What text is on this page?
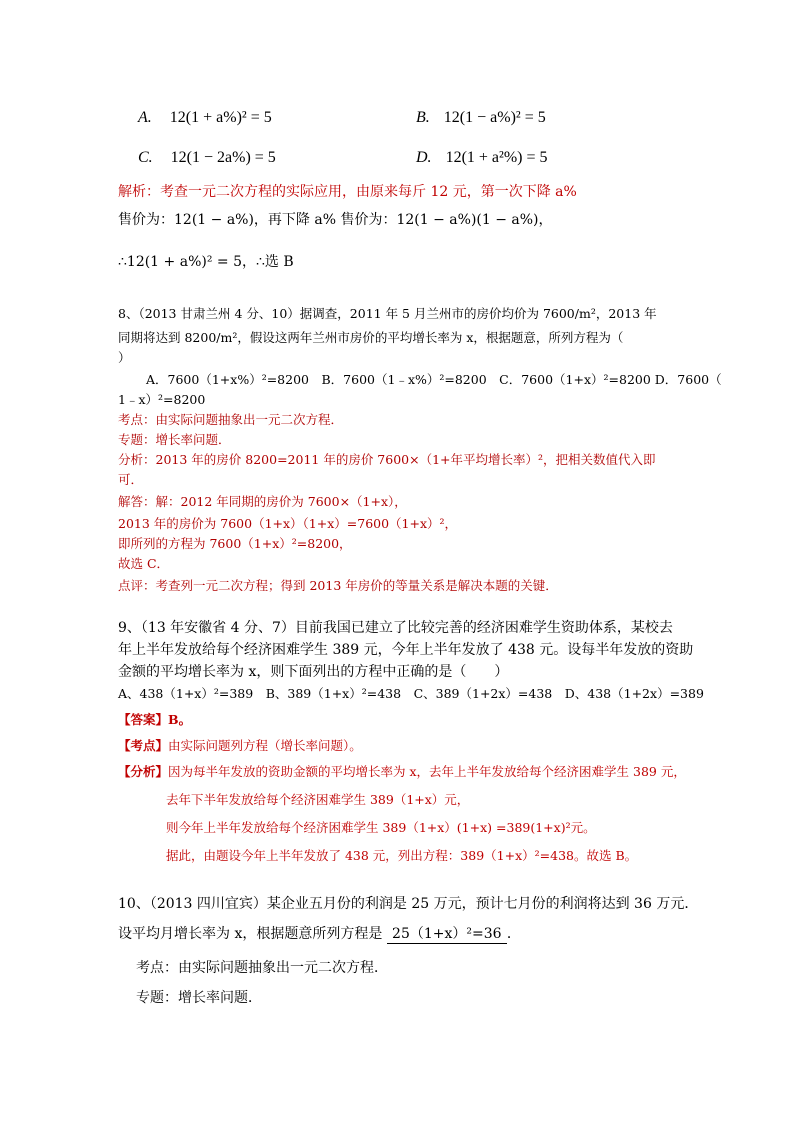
A. 12(1 + a%)² = 5	B. 12(1 − a%)² = 5
C. 12(1 − 2a%) = 5	D. 12(1 + a²%) = 5
解析：考查一元二次方程的实际应用，由原来每斤 12 元，第一次下降 a%
售价为：12(1 − a%)，再下降 a% 售价为：12(1 − a%)(1 − a%)，
∴12(1 + a%)² = 5，∴选 B
8、（2013 甘肃兰州 4 分、10）据调查，2011 年 5 月兰州市的房价均价为 7600/m²，2013 年
同期将达到 8200/m²，假设这两年兰州市房价的平均增长率为 x，根据题意，所列方程为（
）
A．7600（1+x%）²=8200　B．7600（1﹣x%）²=8200　C．7600（1+x）²=8200 D．7600（
1﹣x）²=8200
考点：由实际问题抽象出一元二次方程．
专题：增长率问题．
分析：2013 年的房价 8200=2011 年的房价 7600×（1+年平均增长率）²，把相关数值代入即
可．
解答：解：2012 年同期的房价为 7600×（1+x），
2013 年的房价为 7600（1+x）（1+x）=7600（1+x）²，
即所列的方程为 7600（1+x）²=8200，
故选 C．
点评：考查列一元二次方程；得到 2013 年房价的等量关系是解决本题的关键．
9、（13 年安徽省 4 分、7）目前我国已建立了比较完善的经济困难学生资助体系，某校去
年上半年发放给每个经济困难学生 389 元，今年上半年发放了 438 元。设每半年发放的资助
金额的平均增长率为 x，则下面列出的方程中正确的是（　　）
A、438（1+x）²=389　B、389（1+x）²=438　C、389（1+2x）=438　D、438（1+2x）=389
【答案】B。
【考点】由实际问题列方程（增长率问题）。
【分析】因为每半年发放的资助金额的平均增长率为 x，去年上半年发放给每个经济困难学生 389 元，
去年下半年发放给每个经济困难学生 389（1+x）元，
则今年上半年发放给每个经济困难学生 389（1+x）(1+x) =389(1+x)²元。
据此，由题设今年上半年发放了 438 元，列出方程：389（1+x）²=438。故选 B。
10、（2013 四川宜宾）某企业五月份的利润是 25 万元，预计七月份的利润将达到 36 万元．
设平均月增长率为 x，根据题意所列方程是 25（1+x）²=36 ．
考点：由实际问题抽象出一元二次方程．
专题：增长率问题．
